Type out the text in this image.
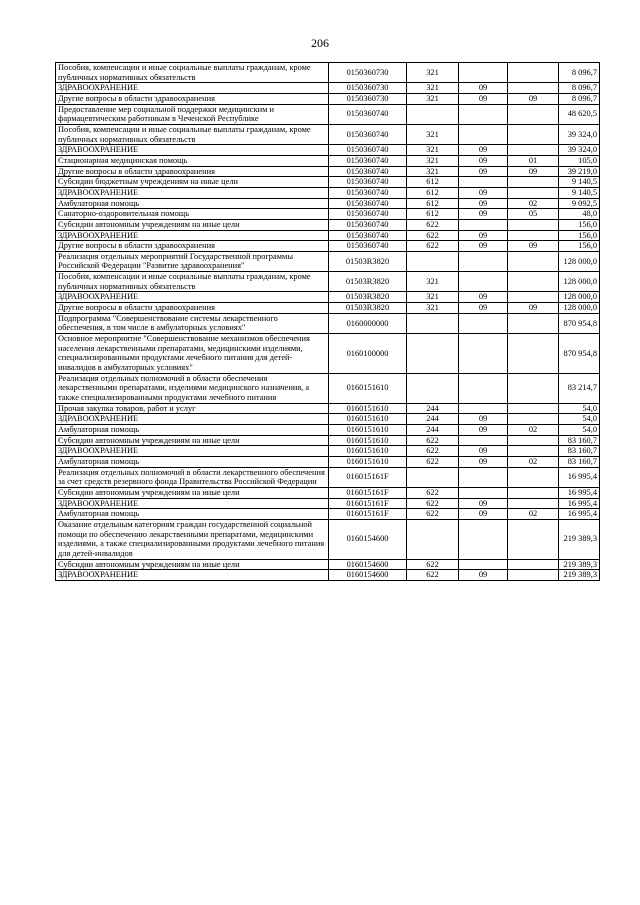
206
Пособия, компенсации и иные социальные выплаты гражданам, кроме публичных нормативных обязательств	0150360730	321			8 096,7
ЗДРАВООХРАНЕНИЕ	0150360730	321	09		8 096,7
Другие вопросы в области здравоохранения	0150360730	321	09	09	8 096,7
Предоставление мер социальной поддержки медицинским и фармацевтическим работникам в Чеченской Республике	0150360740				48 620,5
Пособия, компенсации и иные социальные выплаты гражданам, кроме публичных нормативных обязательств	0150360740	321			39 324,0
ЗДРАВООХРАНЕНИЕ	0150360740	321	09		39 324,0
Стационарная медицинская помощь	0150360740	321	09	01	105,0
Другие вопросы в области здравоохранения	0150360740	321	09	09	39 219,0
Субсидии бюджетным учреждениям на иные цели	0150360740	612			9 140,5
ЗДРАВООХРАНЕНИЕ	0150360740	612	09		9 140,5
Амбулаторная помощь	0150360740	612	09	02	9 092,5
Санаторно-оздоровительная помощь	0150360740	612	09	05	48,0
Субсидии автономным учреждениям на иные цели	0150360740	622			156,0
ЗДРАВООХРАНЕНИЕ	0150360740	622	09		156,0
Другие вопросы в области здравоохранения	0150360740	622	09	09	156,0
Реализация отдельных мероприятий Государственной программы Российской Федерации "Развитие здравоохранения"	01503R3820				128 000,0
Пособия, компенсации и иные социальные выплаты гражданам, кроме публичных нормативных обязательств	01503R3820	321			128 000,0
ЗДРАВООХРАНЕНИЕ	01503R3820	321	09		128 000,0
Другие вопросы в области здравоохранения	01503R3820	321	09	09	128 000,0
Подпрограмма "Совершенствование системы лекарственного обеспечения, в том числе в амбулаторных условиях"	0160000000				870 954,8
Основное мероприятие "Совершенствование механизмов обеспечения населения лекарственными препаратами, медицинскими изделиями, специализированными продуктами лечебного питания для детей-инвалидов в амбулаторных условиях"	0160100000				870 954,8
Реализация отдельных полномочий в области обеспечения лекарственными препаратами, изделиями медицинского назначения, а также специализированными продуктами лечебного питания	0160151610				83 214,7
Прочая закупка товаров, работ и услуг	0160151610	244			54,0
ЗДРАВООХРАНЕНИЕ	0160151610	244	09		54,0
Амбулаторная помощь	0160151610	244	09	02	54,0
Субсидии автономным учреждениям на иные цели	0160151610	622			83 160,7
ЗДРАВООХРАНЕНИЕ	0160151610	622	09		83 160,7
Амбулаторная помощь	0160151610	622	09	02	83 160,7
Реализация отдельных полномочий в области лекарственного обеспечения за счет средств резервного фонда Правительства Российской Федерации	016015161F				16 995,4
Субсидии автономным учреждениям на иные цели	016015161F	622			16 995,4
ЗДРАВООХРАНЕНИЕ	016015161F	622	09		16 995,4
Амбулаторная помощь	016015161F	622	09	02	16 995,4
Оказание отдельным категориям граждан государственной социальной помощи по обеспечению лекарственными препаратами, медицинскими изделиями, а также специализированными продуктами лечебного питания для детей-инвалидов	0160154600				219 389,3
Субсидии автономным учреждениям на иные цели	0160154600	622			219 389,3
ЗДРАВООХРАНЕНИЕ	0160154600	622	09		219 389,3
